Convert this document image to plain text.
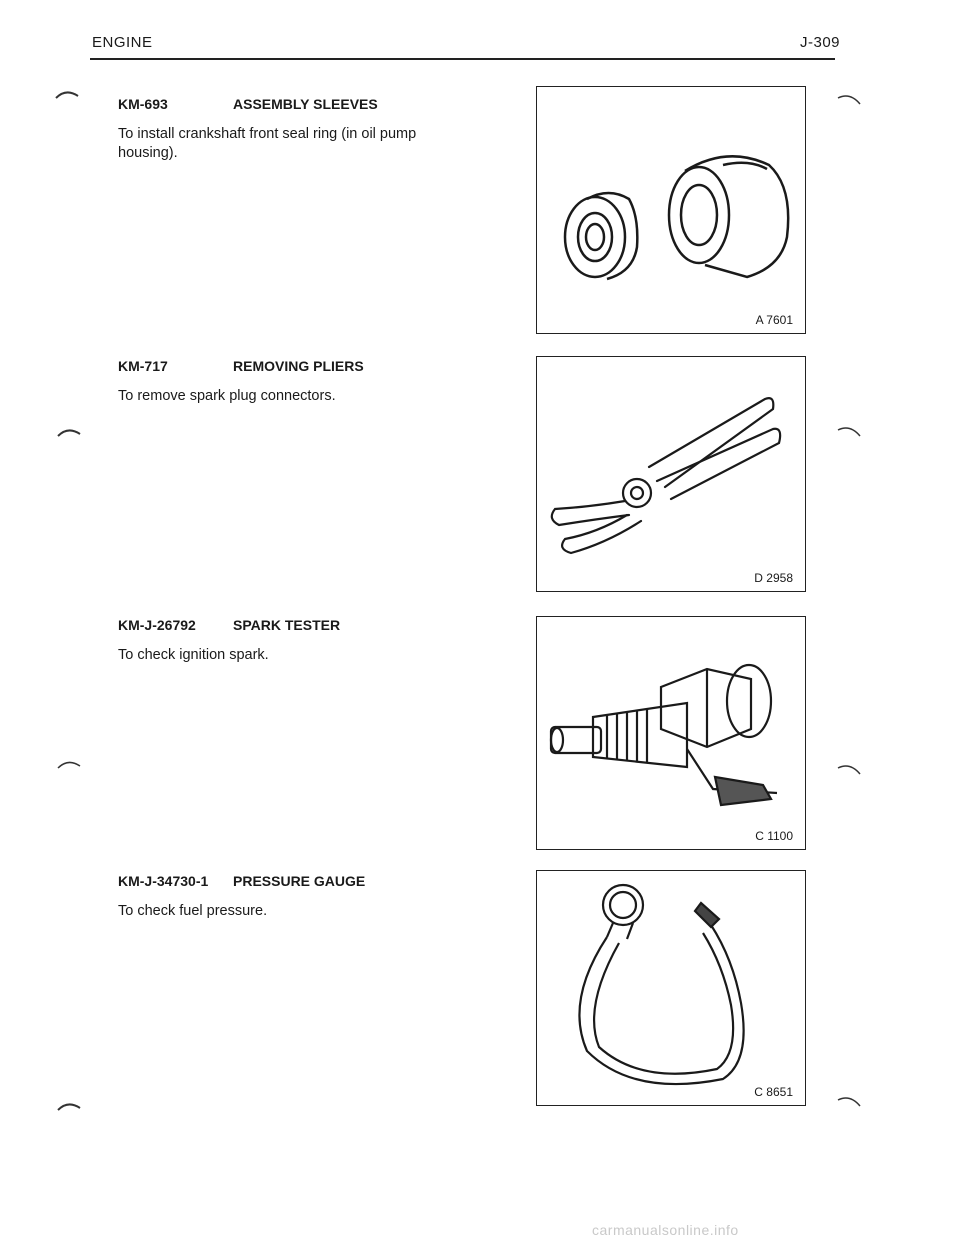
ENGINE	J-309
KM-693	ASSEMBLY SLEEVES
To install crankshaft front seal ring (in oil pump housing).
A 7601
KM-717	REMOVING PLIERS
To remove spark plug connectors.
D 2958
KM-J-26792	SPARK TESTER
To check ignition spark.
C 1100
KM-J-34730-1 PRESSURE GAUGE
To check fuel pressure.
C 8651
carmanualsonline.info
